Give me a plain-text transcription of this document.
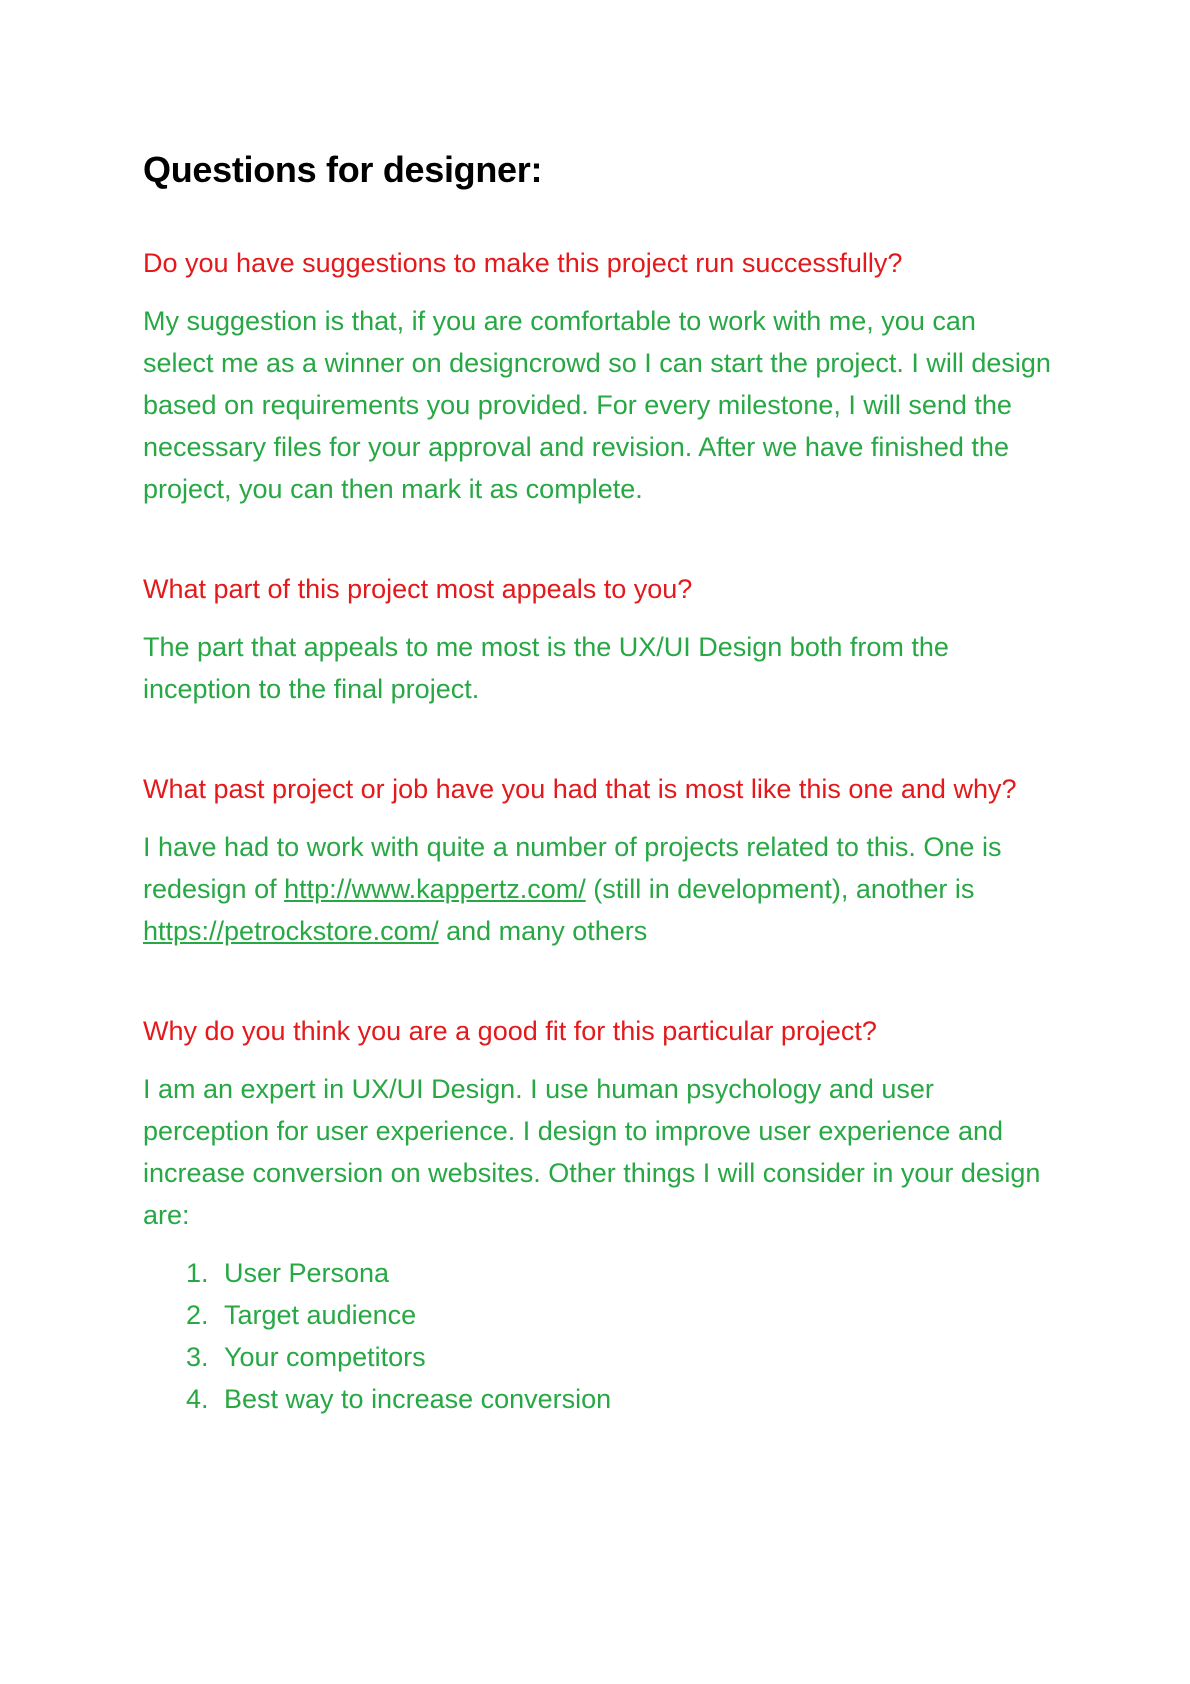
Questions for designer:

Do you have suggestions to make this project run successfully?

My suggestion is that, if you are comfortable to work with me, you can select me as a winner on designcrowd so I can start the project. I will design based on requirements you provided. For every milestone, I will send the necessary files for your approval and revision. After we have finished the project, you can then mark it as complete.

What part of this project most appeals to you?

The part that appeals to me most is the UX/UI Design both from the inception to the final project.

What past project or job have you had that is most like this one and why?

I have had to work with quite a number of projects related to this. One is redesign of http://www.kappertz.com/ (still in development), another is https://petrockstore.com/ and many others

Why do you think you are a good fit for this particular project?

I am an expert in UX/UI Design. I use human psychology and user perception for user experience. I design to improve user experience and increase conversion on websites. Other things I will consider in your design are:

1. User Persona
2. Target audience
3. Your competitors
4. Best way to increase conversion
